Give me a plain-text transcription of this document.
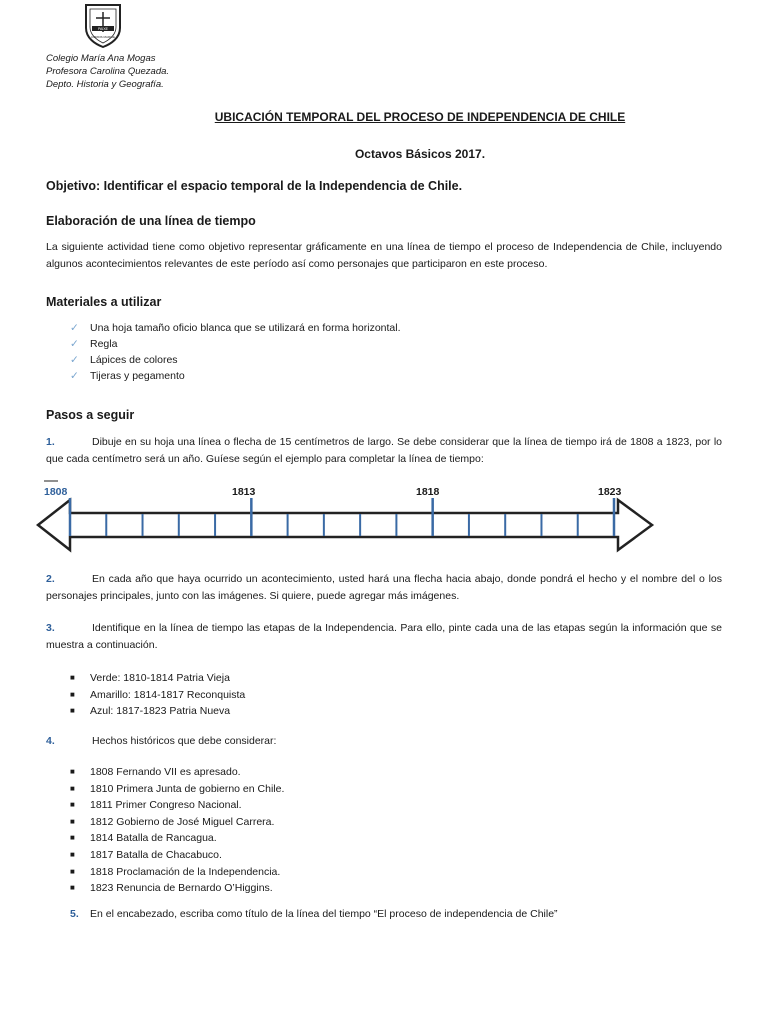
PAIXE
CORDIS MARIAE
Colegio María Ana Mogas
Profesora Carolina Quezada.
Depto. Historia y Geografía.
UBICACIÓN TEMPORAL DEL PROCESO DE INDEPENDENCIA DE CHILE
Octavos Básicos 2017.
Objetivo: Identificar el espacio temporal de la Independencia de Chile.
Elaboración de una línea de tiempo
La siguiente actividad tiene como objetivo representar gráficamente en una línea de tiempo el proceso de Independencia de Chile, incluyendo algunos acontecimientos relevantes de este período así como personajes que participaron en este proceso.
Materiales a utilizar
✓ Una hoja tamaño oficio blanca que se utilizará en forma horizontal.
✓ Regla
✓ Lápices de colores
✓ Tijeras y pegamento
Pasos a seguir
1.	Dibuje en su hoja una línea o flecha de 15 centímetros de largo. Se debe considerar que la línea de tiempo irá de 1808 a 1823, por lo que cada centímetro será un año. Guíese según el ejemplo para completar la línea de tiempo:
1808	1813	1818	1823
2.	En cada año que haya ocurrido un acontecimiento, usted hará una flecha hacia abajo, donde pondrá el hecho y el nombre del o los personajes principales, junto con las imágenes. Si quiere, puede agregar más imágenes.
3.	Identifique en la línea de tiempo las etapas de la Independencia. Para ello, pinte cada una de las etapas según la información que se muestra a continuación.
■ Verde: 1810-1814 Patria Vieja
■ Amarillo: 1814-1817 Reconquista
■ Azul: 1817-1823 Patria Nueva
4.	Hechos históricos que debe considerar:
■ 1808 Fernando VII es apresado.
■ 1810 Primera Junta de gobierno en Chile.
■ 1811 Primer Congreso Nacional.
■ 1812 Gobierno de José Miguel Carrera.
■ 1814 Batalla de Rancagua.
■ 1817 Batalla de Chacabuco.
■ 1818 Proclamación de la Independencia.
■ 1823 Renuncia de Bernardo O’Higgins.
5. En el encabezado, escriba como título de la línea del tiempo “El proceso de independencia de Chile”
